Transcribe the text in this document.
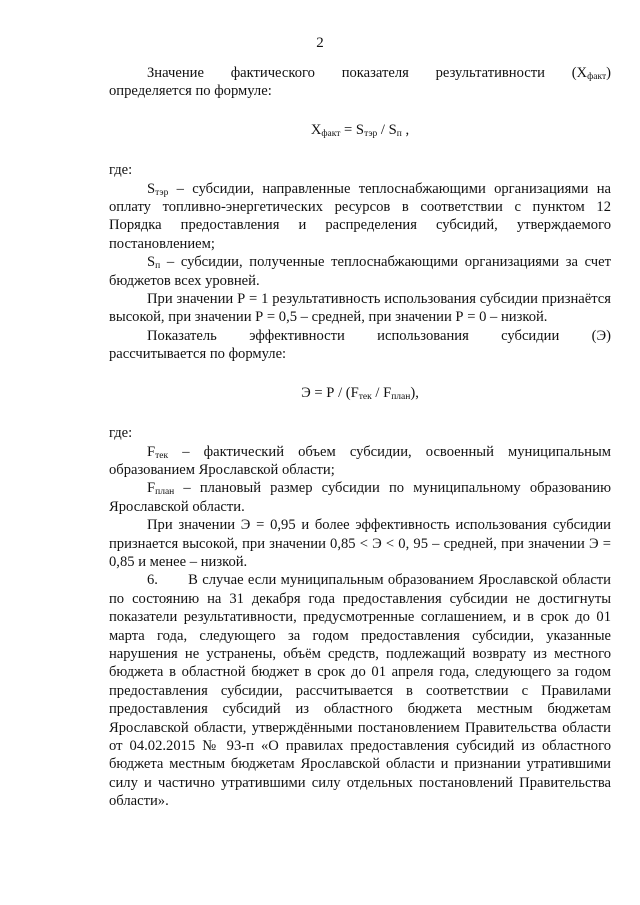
2

Значение фактического показателя результативности $(X_{факт})$

определяется по формуле:

$X_{факт} = S_{тэр} / S_п$ ,

где:

$S_{тэр}$ – субсидии, направленные теплоснабжающими организациями на оплату топливно-энергетических ресурсов в соответствии с пунктом 12 Порядка предоставления и распределения субсидий, утверждаемого постановлением;

$S_п$ – субсидии, полученные теплоснабжающими организациями за счет бюджетов всех уровней.

При значении Р = 1 результативность использования субсидии признаётся высокой, при значении Р = 0,5 – средней, при значении Р = 0 – низкой.

Показатель эффективности использования субсидии (Э)

рассчитывается по формуле:

$Э = Р / (F_{тек} / F_{план})$,

где:

$F_{тек}$ – фактический объем субсидии, освоенный муниципальным образованием Ярославской области;

$F_{план}$ – плановый размер субсидии по муниципальному образованию Ярославской области.

При значении Э = 0,95 и более эффективность использования субсидии признается высокой, при значении 0,85 < Э < 0, 95 – средней, при значении Э = 0,85 и менее – низкой.

6.       В случае если муниципальным образованием Ярославской области по состоянию на 31 декабря года предоставления субсидии не достигнуты показатели результативности, предусмотренные соглашением, и в срок до 01 марта года, следующего за годом предоставления субсидии, указанные нарушения не устранены, объём средств, подлежащий возврату из местного бюджета в областной бюджет в срок до 01 апреля года, следующего за годом предоставления субсидии, рассчитывается в соответствии с Правилами предоставления субсидий из областного бюджета местным бюджетам Ярославской области, утверждёнными постановлением Правительства области от 04.02.2015 № 93-п «О правилах предоставления субсидий из областного бюджета местным бюджетам Ярославской области и признании утратившими силу и частично утратившими силу отдельных постановлений Правительства области».
